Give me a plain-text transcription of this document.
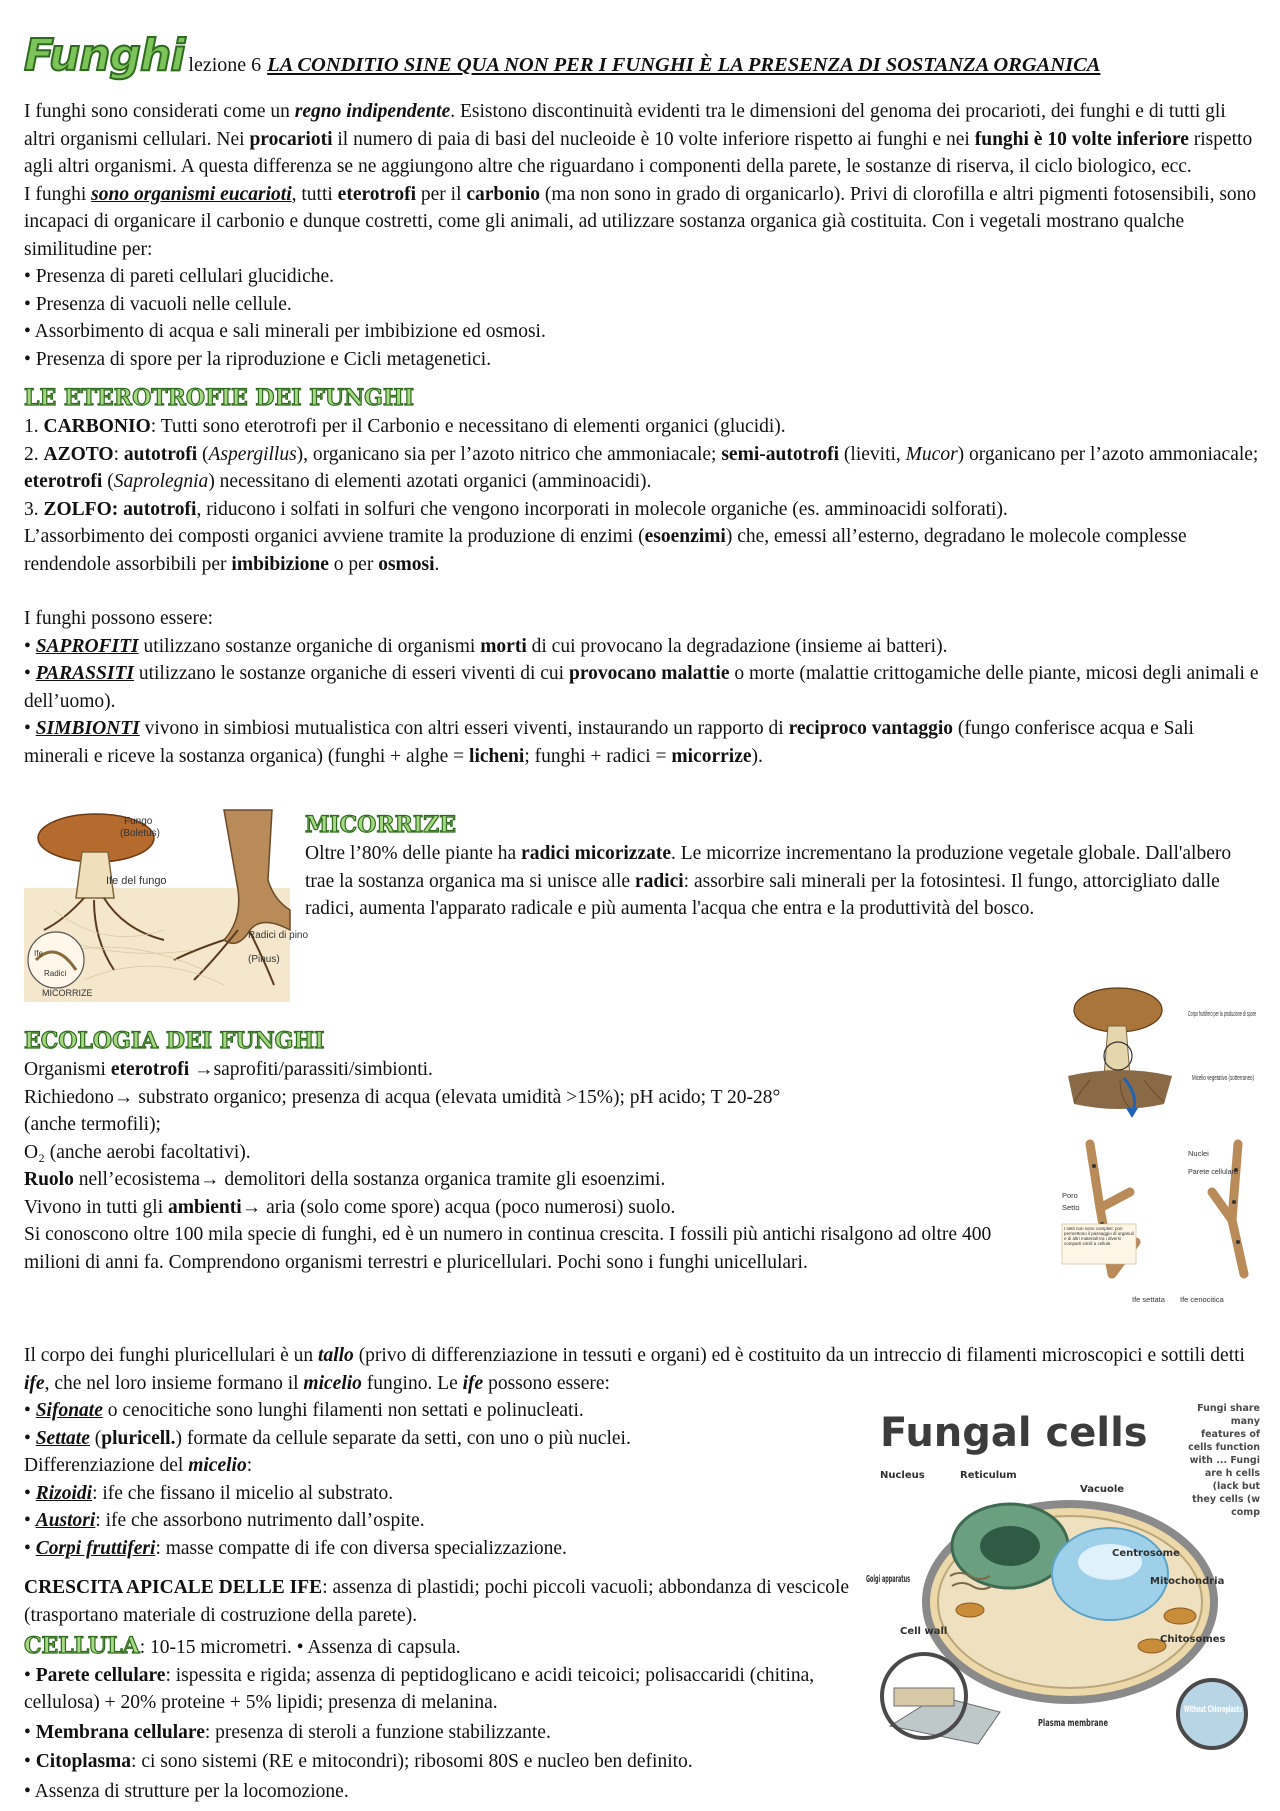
Funghi lezione 6 LA CONDITIO SINE QUA NON PER I FUNGHI È LA PRESENZA DI SOSTANZA ORGANICA

I funghi sono considerati come un regno indipendente. Esistono discontinuità evidenti tra le dimensioni del genoma dei procarioti, dei funghi e di tutti gli altri organismi cellulari. Nei procarioti il numero di paia di basi del nucleoide è 10 volte inferiore rispetto ai funghi e nei funghi è 10 volte inferiore rispetto agli altri organismi. A questa differenza se ne aggiungono altre che riguardano i componenti della parete, le sostanze di riserva, il ciclo biologico, ecc.

I funghi sono organismi eucarioti, tutti eterotrofi per il carbonio (ma non sono in grado di organicarlo). Privi di clorofilla e altri pigmenti fotosensibili, sono incapaci di organicare il carbonio e dunque costretti, come gli animali, ad utilizzare sostanza organica già costituita. Con i vegetali mostrano qualche similitudine per:

• Presenza di pareti cellulari glucidiche.

• Presenza di vacuoli nelle cellule.

• Assorbimento di acqua e sali minerali per imbibizione ed osmosi.

• Presenza di spore per la riproduzione e Cicli metagenetici.

LE ETEROTROFIE DEI FUNGHI

1. CARBONIO: Tutti sono eterotrofi per il Carbonio e necessitano di elementi organici (glucidi).

2. AZOTO: autotrofi (Aspergillus), organicano sia per l’azoto nitrico che ammoniacale; semi-autotrofi (lieviti, Mucor) organicano per l’azoto ammoniacale; eterotrofi (Saprolegnia) necessitano di elementi azotati organici (amminoacidi).

3. ZOLFO: autotrofi, riducono i solfati in solfuri che vengono incorporati in molecole organiche (es. amminoacidi solforati).

L’assorbimento dei composti organici avviene tramite la produzione di enzimi (esoenzimi) che, emessi all’esterno, degradano le molecole complesse rendendole assorbibili per imbibizione o per osmosi.

I funghi possono essere:

• SAPROFITI utilizzano sostanze organiche di organismi morti di cui provocano la degradazione (insieme ai batteri).

• PARASSITI utilizzano le sostanze organiche di esseri viventi di cui provocano malattie o morte (malattie crittogamiche delle piante, micosi degli animali e dell’uomo).

• SIMBIONTI vivono in simbiosi mutualistica con altri esseri viventi, instaurando un rapporto di reciproco vantaggio (fungo conferisce acqua e Sali minerali e riceve la sostanza organica) (funghi + alghe = licheni; funghi + radici = micorrize).

Fungo
(Boletus)
Ife del fungo
Radici di pino
(Pinus)
Ife
Radici
MICORRIZE
MICORRIZE

Oltre l’80% delle piante ha radici micorizzate. Le micorrize incrementano la produzione vegetale globale. Dall'albero trae la sostanza organica ma si unisce alle radici: assorbire sali minerali per la fotosintesi. Il fungo, attorcigliato dalle radici, aumenta l'apparato radicale e più aumenta l'acqua che entra e la produttività del bosco.

Corpo fruttifero per la produzione di spore
Micelio vegetativo (sotterraneo)
Nuclei
Parete cellulare
Poro
Setto
Ife cenocitica
Ife settata
I setti non sono completi: pori permettono il passaggio di organuli e di altri materiali tra i diversi comparti simili a cellule.
ECOLOGIA DEI FUNGHI

Organismi eterotrofi →saprofiti/parassiti/simbionti.

Richiedono→ substrato organico; presenza di acqua (elevata umidità >15%); pH acido; T 20-28°
(anche termofili);

O₂ (anche aerobi facoltativi).

Ruolo nell’ecosistema→ demolitori della sostanza organica tramite gli esoenzimi.

Vivono in tutti gli ambienti→ aria (solo come spore) acqua (poco numerosi) suolo.

Si conoscono oltre 100 mila specie di funghi, ed è un numero in continua crescita. I fossili più antichi risalgono ad oltre 400 milioni di anni fa. Comprendono organismi terrestri e pluricellulari. Pochi sono i funghi unicellulari.

Il corpo dei funghi pluricellulari è un tallo (privo di differenziazione in tessuti e organi) ed è costituito da un intreccio di filamenti microscopici e sottili detti ife, che nel loro insieme formano il micelio fungino. Le ife possono essere:

• Sifonate o cenocitiche sono lunghi filamenti non settati e polinucleati.

• Settate (pluricell.) formate da cellule separate da setti, con uno o più nuclei.

Differenziazione del micelio:

• Rizoidi: ife che fissano il micelio al substrato.

• Austori: ife che assorbono nutrimento dall’ospite.

• Corpi fruttiferi: masse compatte di ife con diversa specializzazione.

CRESCITA APICALE DELLE IFE: assenza di plastidi; pochi piccoli vacuoli; abbondanza di vescicole (trasportano materiale di costruzione della parete).

CELLULA: 10-15 micrometri. • Assenza di capsula.

• Parete cellulare: ispessita e rigida; assenza di peptidoglicano e acidi teicoici; polisaccaridi (chitina, cellulosa) + 20% proteine + 5% lipidi; presenza di melanina.

• Membrana cellulare: presenza di steroli a funzione stabilizzante.

• Citoplasma: ci sono sistemi (RE e mitocondri); ribosomi 80S e nucleo ben definito.

• Assenza di strutture per la locomozione.

Fungal cells
Nucleus	Reticulum
Vacuole
Centrosome
Golgi apparatus	Mitochondria
Cell wall
Chitosomes
Plasma membrane
Without Chloroplasts
Fungi share many features of cells function with ... Fungi are h cells (lack but they cells (w comp
